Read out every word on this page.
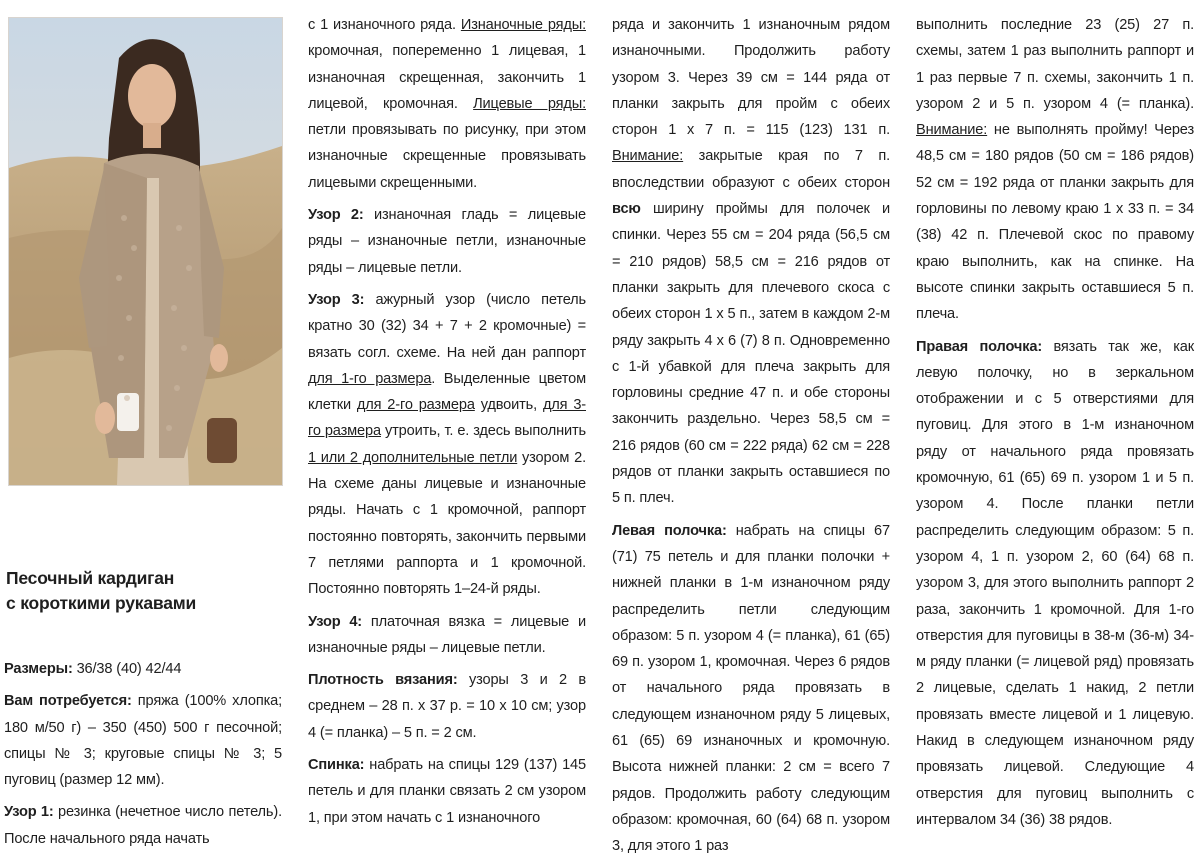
Песочный кардиган
с короткими рукавами

Размеры: 36/38 (40) 42/44

Вам потребуется: пряжа (100% хлопка; 180 м/50 г) – 350 (450) 500 г песочной; спицы № 3; круговые спицы № 3; 5 пуговиц (размер 12 мм).

Узор 1: резинка (нечетное число петель). После начального ряда начать

с 1 изнаночного ряда. Изнаночные ряды: кромочная, попеременно 1 лицевая, 1 изнаночная скрещенная, закончить 1 лицевой, кромочная. Лицевые ряды: петли провязывать по рисунку, при этом изнаночные скрещенные провязывать лицевыми скрещенными.

Узор 2: изнаночная гладь = лицевые ряды – изнаночные петли, изнаночные ряды – лицевые петли.

Узор 3: ажурный узор (число петель кратно 30 (32) 34 + 7 + 2 кромочные) = вязать согл. схеме. На ней дан раппорт для 1-го размера. Выделенные цветом клетки для 2-го размера удвоить, для 3-го размера утроить, т. е. здесь выполнить 1 или 2 дополнительные петли узором 2. На схеме даны лицевые и изнаночные ряды. Начать с 1 кромочной, раппорт постоянно повторять, закончить первыми 7 петлями раппорта и 1 кромочной. Постоянно повторять 1–24-й ряды.

Узор 4: платочная вязка = лицевые и изнаночные ряды – лицевые петли.

Плотность вязания: узоры 3 и 2 в среднем – 28 п. х 37 р. = 10 х 10 см; узор 4 (= планка) – 5 п. = 2 см.

Спинка: набрать на спицы 129 (137) 145 петель и для планки связать 2 см узором 1, при этом начать с 1 изнаночного

ряда и закончить 1 изнаночным рядом изнаночными. Продолжить работу узором 3. Через 39 см = 144 ряда от планки закрыть для пройм с обеих сторон 1 х 7 п. = 115 (123) 131 п. Внимание: закрытые края по 7 п. впоследствии образуют с обеих сторон всю ширину проймы для полочек и спинки. Через 55 см = 204 ряда (56,5 см = 210 рядов) 58,5 см = 216 рядов от планки закрыть для плечевого скоса с обеих сторон 1 х 5 п., затем в каждом 2-м ряду закрыть 4 х 6 (7) 8 п. Одновременно с 1-й убавкой для плеча закрыть для горловины средние 47 п. и обе стороны закончить раздельно. Через 58,5 см = 216 рядов (60 см = 222 ряда) 62 см = 228 рядов от планки закрыть оставшиеся по 5 п. плеч.

Левая полочка: набрать на спицы 67 (71) 75 петель и для планки полочки + нижней планки в 1-м изнаночном ряду распределить петли следующим образом: 5 п. узором 4 (= планка), 61 (65) 69 п. узором 1, кромочная. Через 6 рядов от начального ряда провязать в следующем изнаночном ряду 5 лицевых, 61 (65) 69 изнаночных и кромочную. Высота нижней планки: 2 см = всего 7 рядов. Продолжить работу следующим образом: кромочная, 60 (64) 68 п. узором 3, для этого 1 раз

выполнить последние 23 (25) 27 п. схемы, затем 1 раз выполнить раппорт и 1 раз первые 7 п. схемы, закончить 1 п. узором 2 и 5 п. узором 4 (= планка). Внимание: не выполнять пройму! Через 48,5 см = 180 рядов (50 см = 186 рядов) 52 см = 192 ряда от планки закрыть для горловины по левому краю 1 х 33 п. = 34 (38) 42 п. Плечевой скос по правому краю выполнить, как на спинке. На высоте спинки закрыть оставшиеся 5 п. плеча.

Правая полочка: вязать так же, как левую полочку, но в зеркальном отображении и с 5 отверстиями для пуговиц. Для этого в 1-м изнаночном ряду от начального ряда провязать кромочную, 61 (65) 69 п. узором 1 и 5 п. узором 4. После планки петли распределить следующим образом: 5 п. узором 4, 1 п. узором 2, 60 (64) 68 п. узором 3, для этого выполнить раппорт 2 раза, закончить 1 кромочной. Для 1-го отверстия для пуговицы в 38-м (36-м) 34-м ряду планки (= лицевой ряд) провязать 2 лицевые, сделать 1 накид, 2 петли провязать вместе лицевой и 1 лицевую. Накид в следующем изнаночном ряду провязать лицевой. Следующие 4 отверстия для пуговиц выполнить с интервалом 34 (36) 38 рядов.
